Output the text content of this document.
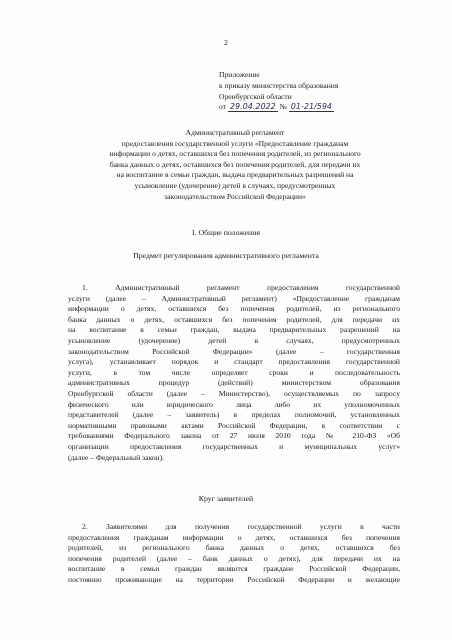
2
Приложение
к приказу министерства образования
Оренбургской области
от 29.04.2022 № 01-21/594
Административный регламент
предоставления государственной услуги «Предоставление гражданам
информации о детях, оставшихся без попечения родителей, из регионального
банка данных о детях, оставшихся без попечения родителей, для передачи их
на воспитание в семьи граждан, выдача предварительных разрешений на
усыновление (удочерение) детей в случаях, предусмотренных
законодательством Российской Федерации»
I. Общие положения
Предмет регулирования административного регламента
1. Административный регламент предоставления государственной
услуги (далее – Административный регламент) «Предоставление гражданам
информации о детях, оставшихся без попечения родителей, из регионального
банка данных о детях, оставшихся без попечения родителей, для передачи их
на воспитание в семьи граждан, выдача предварительных разрешений на
усыновление (удочерение) детей в случаях, предусмотренных
законодательством Российской Федерации» (далее – государственная
услуга), устанавливает порядок и стандарт предоставления государственной
услуги, в том числе определяет сроки и последовательность
административных процедур (действий) министерством образования
Оренбургской области (далее – Министерство), осуществляемых по запросу
физического или юридического лица либо их уполномоченных
представителей (далее – заявитель) в пределах полномочий, установленных
нормативными правовыми актами Российской Федерации, в соответствии с
требованиями Федерального закона от 27 июля 2010 года № 210-ФЗ «Об
организации предоставления государственных и муниципальных услуг»
(далее – Федеральный закон).
Круг заявителей
2. Заявителями для получения государственной услуги в части
предоставления гражданам информации о детях, оставшихся без попечения
родителей, из регионального банка данных о детях, оставшихся без
попечения родителей (далее – банк данных о детях), для передачи их на
воспитание в семьи граждан являются граждане Российской Федерации,
постоянно проживающие на территории Российской Федерации и желающие
